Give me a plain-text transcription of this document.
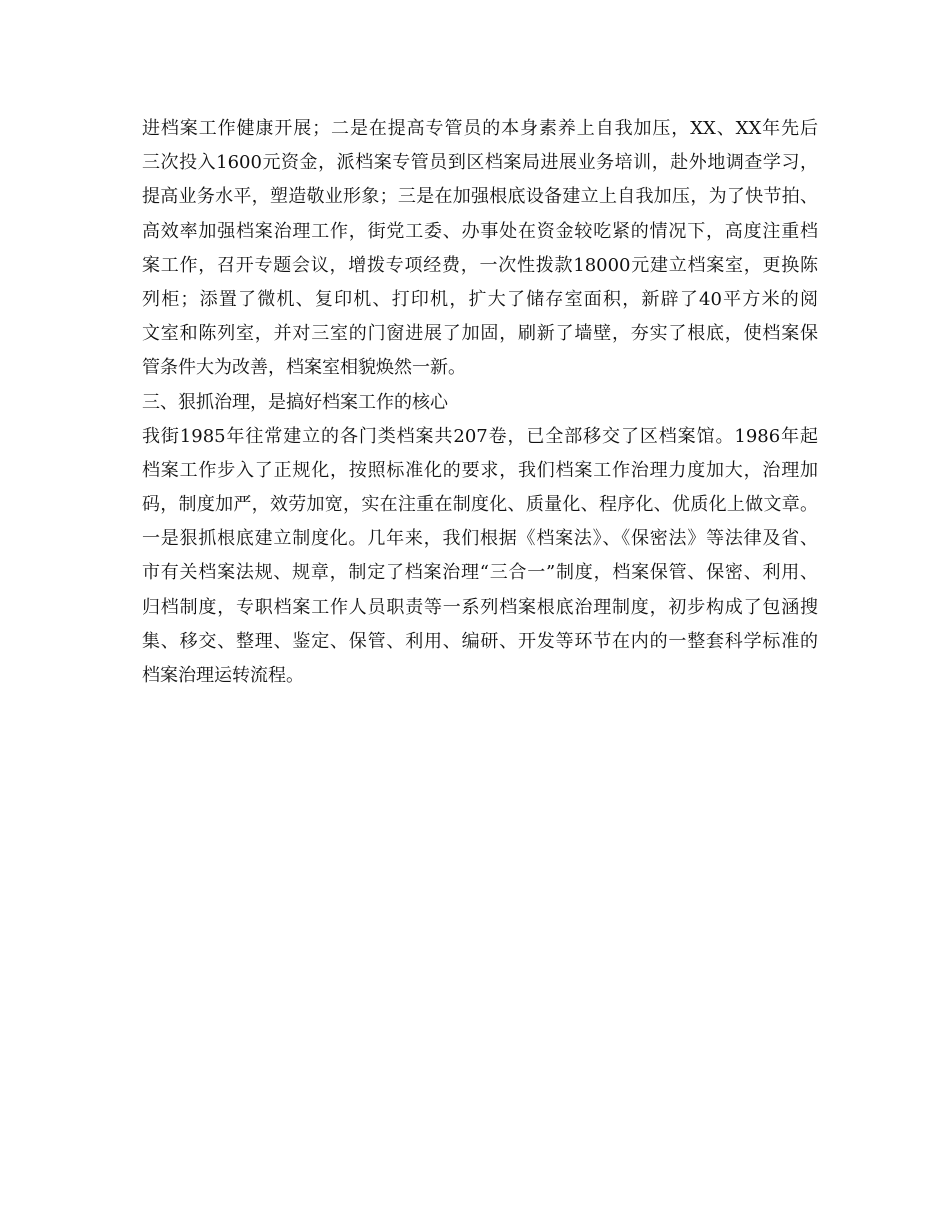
进档案工作健康开展；二是在提高专管员的本身素养上自我加压，XX、XX年先后
三次投入1600元资金，派档案专管员到区档案局进展业务培训，赴外地调查学习，
提高业务水平，塑造敬业形象；三是在加强根底设备建立上自我加压，为了快节拍、
高效率加强档案治理工作，街党工委、办事处在资金较吃紧的情况下，高度注重档
案工作，召开专题会议，增拨专项经费，一次性拨款18000元建立档案室，更换陈
列柜；添置了微机、复印机、打印机，扩大了储存室面积，新辟了40平方米的阅
文室和陈列室，并对三室的门窗进展了加固，刷新了墙壁，夯实了根底，使档案保
管条件大为改善，档案室相貌焕然一新。
三、狠抓治理，是搞好档案工作的核心
我街1985年往常建立的各门类档案共207卷，已全部移交了区档案馆。1986年起
档案工作步入了正规化，按照标准化的要求，我们档案工作治理力度加大，治理加
码，制度加严，效劳加宽，实在注重在制度化、质量化、程序化、优质化上做文章。
一是狠抓根底建立制度化。几年来，我们根据《档案法》、《保密法》等法律及省、
市有关档案法规、规章，制定了档案治理“三合一”制度，档案保管、保密、利用、
归档制度，专职档案工作人员职责等一系列档案根底治理制度，初步构成了包涵搜
集、移交、整理、鉴定、保管、利用、编研、开发等环节在内的一整套科学标准的
档案治理运转流程。
